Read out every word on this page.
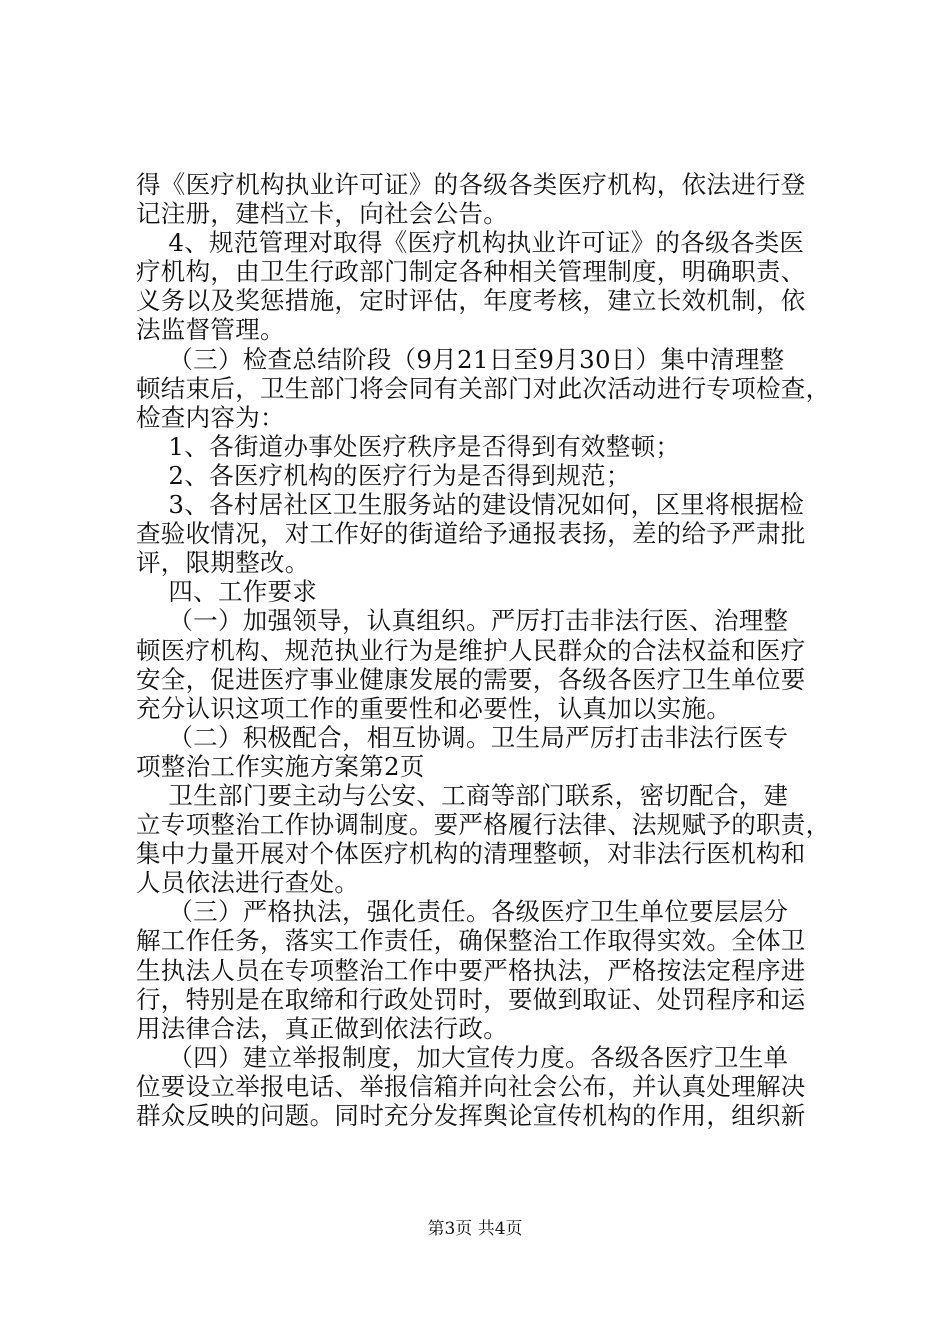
得《医疗机构执业许可证》的各级各类医疗机构，依法进行登
记注册，建档立卡，向社会公告。
4、规范管理对取得《医疗机构执业许可证》的各级各类医
疗机构，由卫生行政部门制定各种相关管理制度，明确职责、
义务以及奖惩措施，定时评估，年度考核，建立长效机制，依
法监督管理。
（三）检查总结阶段（9月21日至9月30日）集中清理整
顿结束后，卫生部门将会同有关部门对此次活动进行专项检查，
检查内容为：
1、各街道办事处医疗秩序是否得到有效整顿；
2、各医疗机构的医疗行为是否得到规范；
3、各村居社区卫生服务站的建设情况如何，区里将根据检
查验收情况，对工作好的街道给予通报表扬，差的给予严肃批
评，限期整改。
四、工作要求
（一）加强领导，认真组织。严厉打击非法行医、治理整
顿医疗机构、规范执业行为是维护人民群众的合法权益和医疗
安全，促进医疗事业健康发展的需要，各级各医疗卫生单位要
充分认识这项工作的重要性和必要性，认真加以实施。
（二）积极配合，相互协调。卫生局严厉打击非法行医专
项整治工作实施方案第2页
卫生部门要主动与公安、工商等部门联系，密切配合，建
立专项整治工作协调制度。要严格履行法律、法规赋予的职责，
集中力量开展对个体医疗机构的清理整顿，对非法行医机构和
人员依法进行查处。
（三）严格执法，强化责任。各级医疗卫生单位要层层分
解工作任务，落实工作责任，确保整治工作取得实效。全体卫
生执法人员在专项整治工作中要严格执法，严格按法定程序进
行，特别是在取缔和行政处罚时，要做到取证、处罚程序和运
用法律合法，真正做到依法行政。
（四）建立举报制度，加大宣传力度。各级各医疗卫生单
位要设立举报电话、举报信箱并向社会公布，并认真处理解决
群众反映的问题。同时充分发挥舆论宣传机构的作用，组织新
第3页 共4页
